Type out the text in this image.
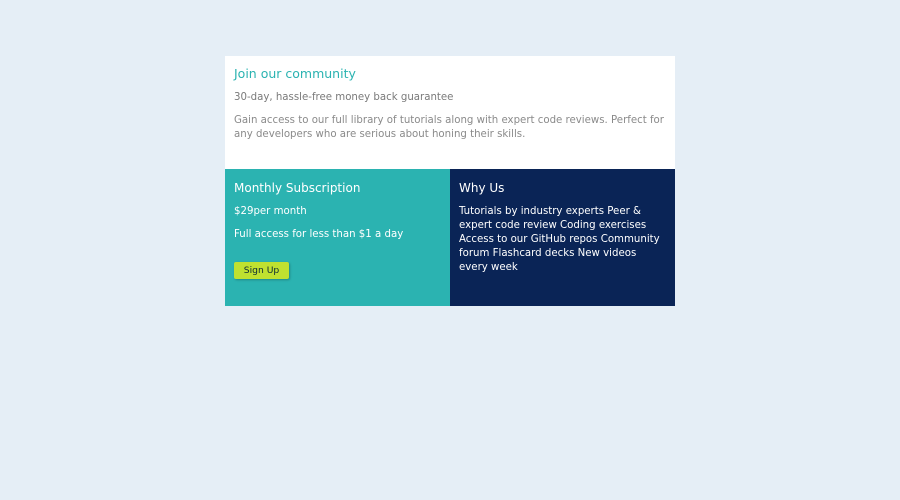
Join our community

30-day, hassle-free money back guarantee

Gain access to our full library of tutorials along with expert code reviews. Perfect for any developers who are serious about honing their skills.

Monthly Subscription

$29per month

Full access for less than $1 a day

Sign Up
Why Us

Tutorials by industry experts Peer & expert code review Coding exercises Access to our GitHub repos Community forum Flashcard decks New videos every week
